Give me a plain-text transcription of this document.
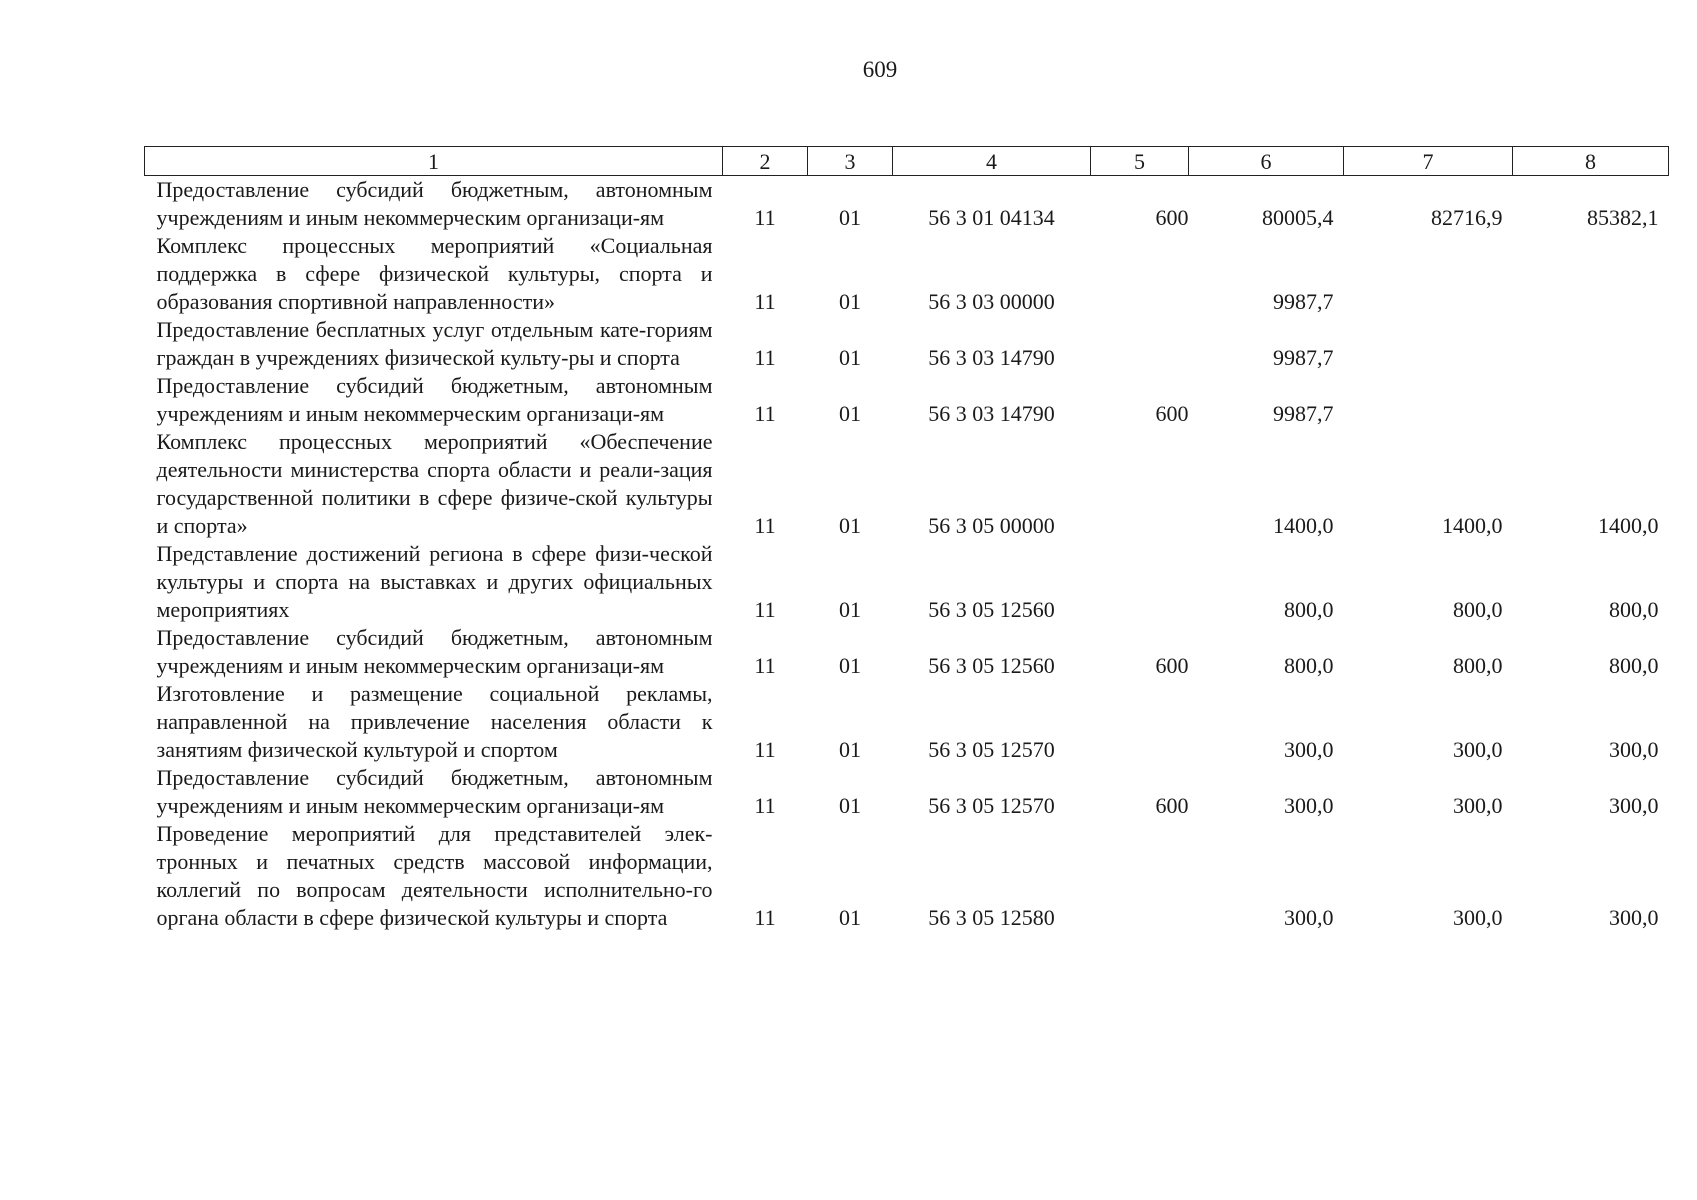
609
1	2	3	4	5	6	7	8
Предоставление субсидий бюджетным, автономным учреждениям и иным некоммерческим организаци-ям	11	01	56 3 01 04134	600	80005,4	82716,9	85382,1
Комплекс процессных мероприятий «Социальная поддержка в сфере физической культуры, спорта и образования спортивной направленности»	11	01	56 3 03 00000		9987,7		
Предоставление бесплатных услуг отдельным кате-гориям граждан в учреждениях физической культу-ры и спорта	11	01	56 3 03 14790		9987,7		
Предоставление субсидий бюджетным, автономным учреждениям и иным некоммерческим организаци-ям	11	01	56 3 03 14790	600	9987,7		
Комплекс процессных мероприятий «Обеспечение деятельности министерства спорта области и реали-зация государственной политики в сфере физиче-ской культуры и спорта»	11	01	56 3 05 00000		1400,0	1400,0	1400,0
Представление достижений региона в сфере физи-ческой культуры и спорта на выставках и других официальных мероприятиях	11	01	56 3 05 12560		800,0	800,0	800,0
Предоставление субсидий бюджетным, автономным учреждениям и иным некоммерческим организаци-ям	11	01	56 3 05 12560	600	800,0	800,0	800,0
Изготовление и размещение социальной рекламы, направленной на привлечение населения области к занятиям физической культурой и спортом	11	01	56 3 05 12570		300,0	300,0	300,0
Предоставление субсидий бюджетным, автономным учреждениям и иным некоммерческим организаци-ям	11	01	56 3 05 12570	600	300,0	300,0	300,0
Проведение мероприятий для представителей элек-тронных и печатных средств массовой информации, коллегий по вопросам деятельности исполнительно-го органа области в сфере физической культуры и спорта	11	01	56 3 05 12580		300,0	300,0	300,0
